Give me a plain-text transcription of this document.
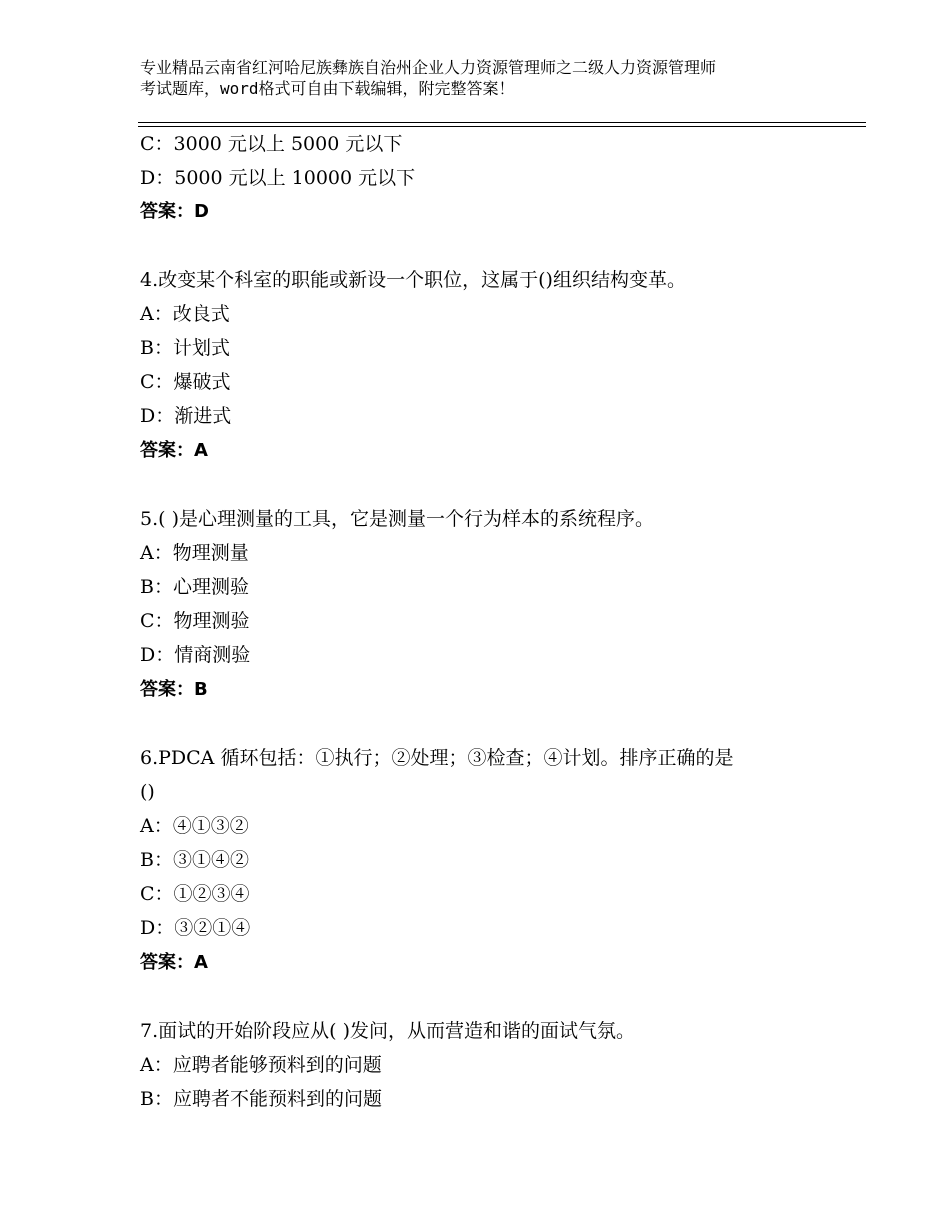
专业精品云南省红河哈尼族彝族自治州企业人力资源管理师之二级人力资源管理师
考试题库，word格式可自由下载编辑，附完整答案！
C：3000 元以上 5000 元以下
D：5000 元以上 10000 元以下
答案：D
4.改变某个科室的职能或新设一个职位，这属于()组织结构变革。
A：改良式
B：计划式
C：爆破式
D：渐进式
答案：A
5.( )是心理测量的工具，它是测量一个行为样本的系统程序。
A：物理测量
B：心理测验
C：物理测验
D：情商测验
答案：B
6.PDCA 循环包括：①执行；②处理；③检查；④计划。排序正确的是
()
A：④①③②
B：③①④②
C：①②③④
D：③②①④
答案：A
7.面试的开始阶段应从( )发问，从而营造和谐的面试气氛。
A：应聘者能够预料到的问题
B：应聘者不能预料到的问题
